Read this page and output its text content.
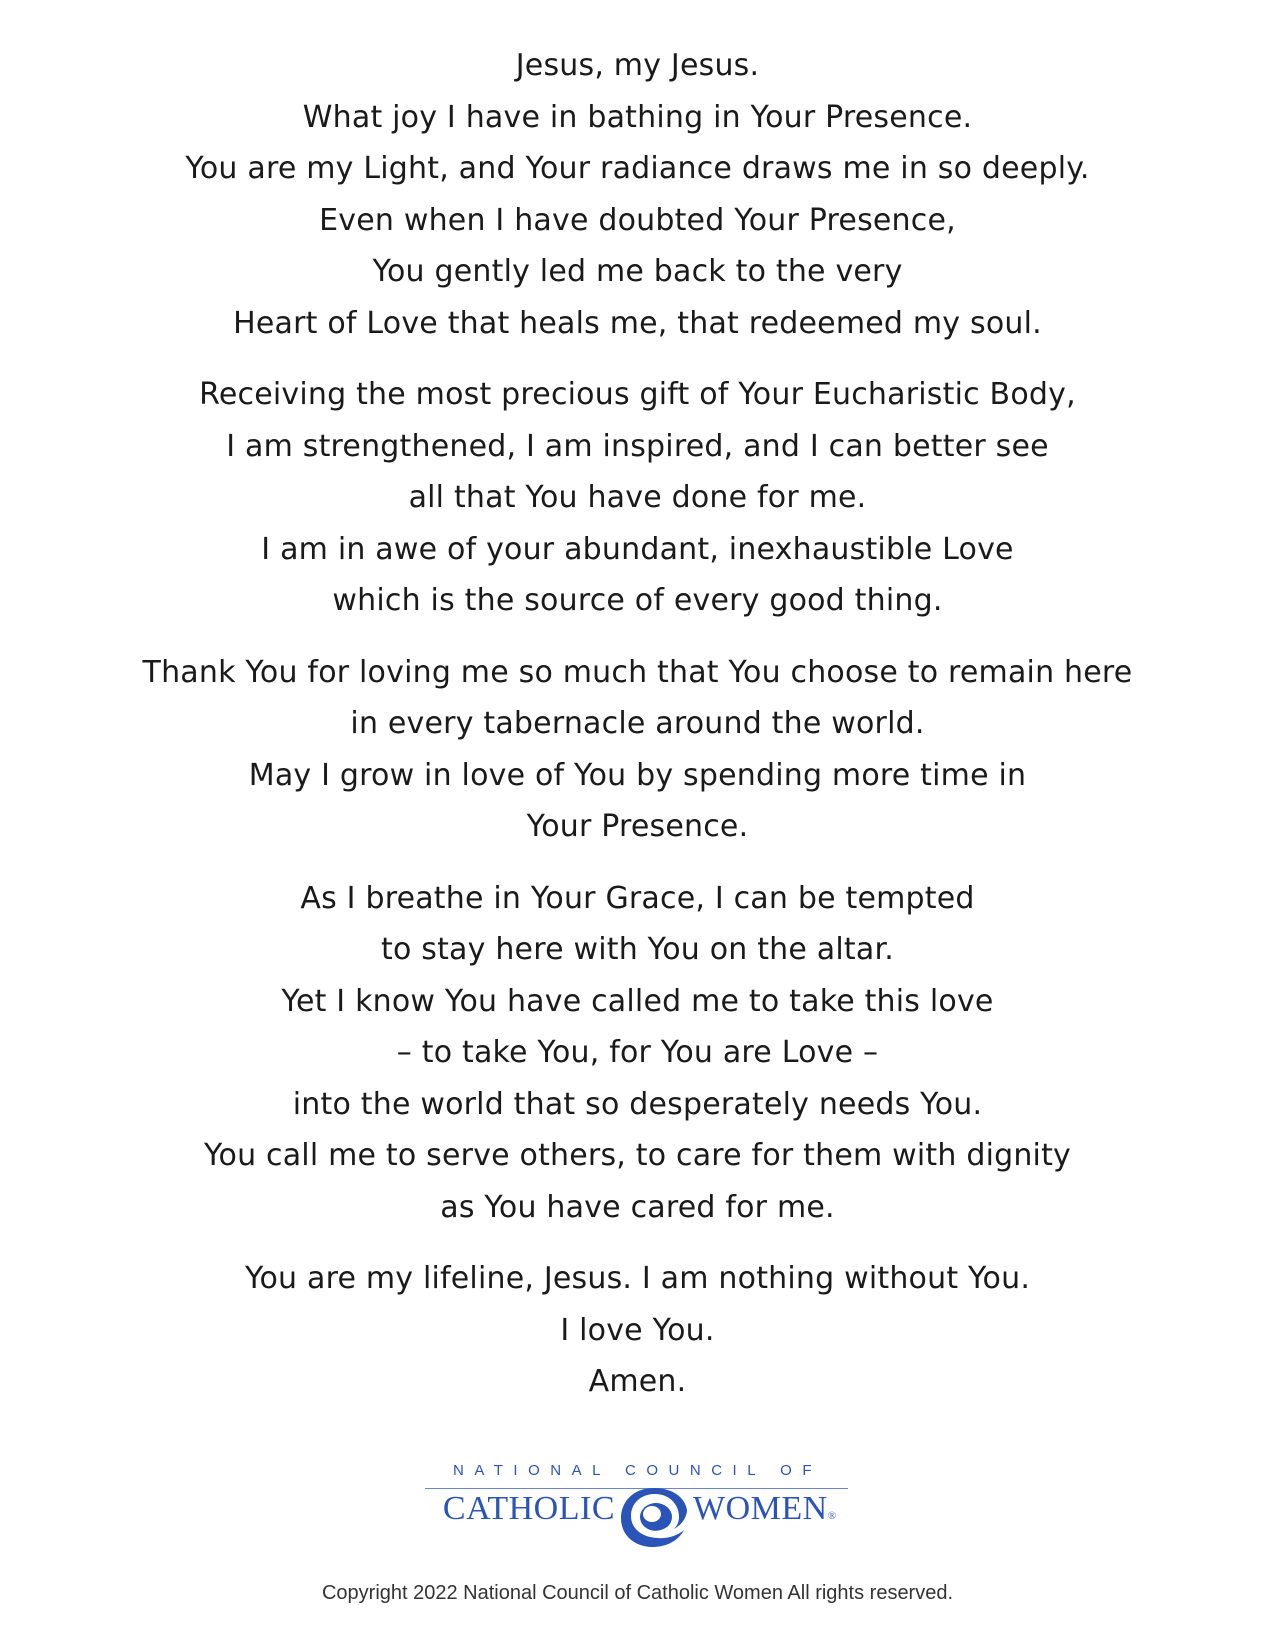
Jesus, my Jesus.
What joy I have in bathing in Your Presence.
You are my Light, and Your radiance draws me in so deeply.
Even when I have doubted Your Presence,
You gently led me back to the very
Heart of Love that heals me, that redeemed my soul.
Receiving the most precious gift of Your Eucharistic Body,
I am strengthened, I am inspired, and I can better see
all that You have done for me.
I am in awe of your abundant, inexhaustible Love
which is the source of every good thing.
Thank You for loving me so much that You choose to remain here
in every tabernacle around the world.
May I grow in love of You by spending more time in
Your Presence.
As I breathe in Your Grace, I can be tempted
to stay here with You on the altar.
Yet I know You have called me to take this love
– to take You, for You are Love –
into the world that so desperately needs You.
You call me to serve others, to care for them with dignity
as You have cared for me.
You are my lifeline, Jesus. I am nothing without You.
I love You.
Amen.
NATIONAL COUNCIL OF
CATHOLIC WOMEN®
Copyright 2022 National Council of Catholic Women All rights reserved.
